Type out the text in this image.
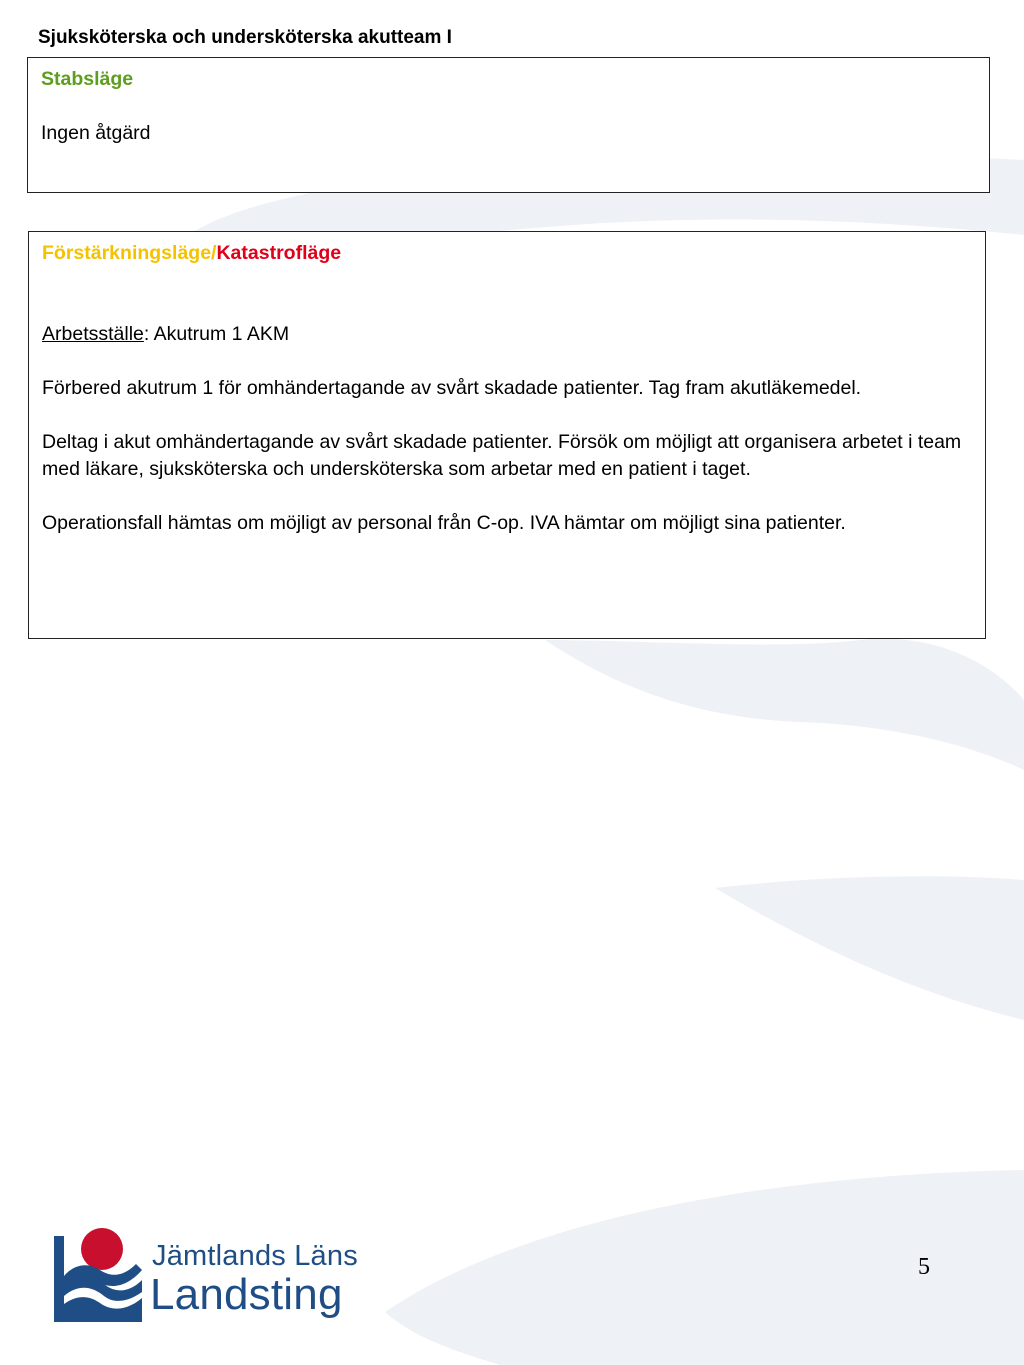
Sjuksköterska och undersköterska akutteam I

Stabsläge

Ingen åtgärd

Förstärkningsläge/Katastrofläge

Arbetsställe: Akutrum 1 AKM

Förbered akutrum 1 för omhändertagande av svårt skadade patienter. Tag fram akutläkemedel.

Deltag i akut omhändertagande av svårt skadade patienter. Försök om möjligt att organisera arbetet i team med läkare, sjuksköterska och undersköterska som arbetar med en patient i taget.

Operationsfall hämtas om möjligt av personal från C-op. IVA hämtar om möjligt sina patienter.

Jämtlands Läns
Landsting
5
